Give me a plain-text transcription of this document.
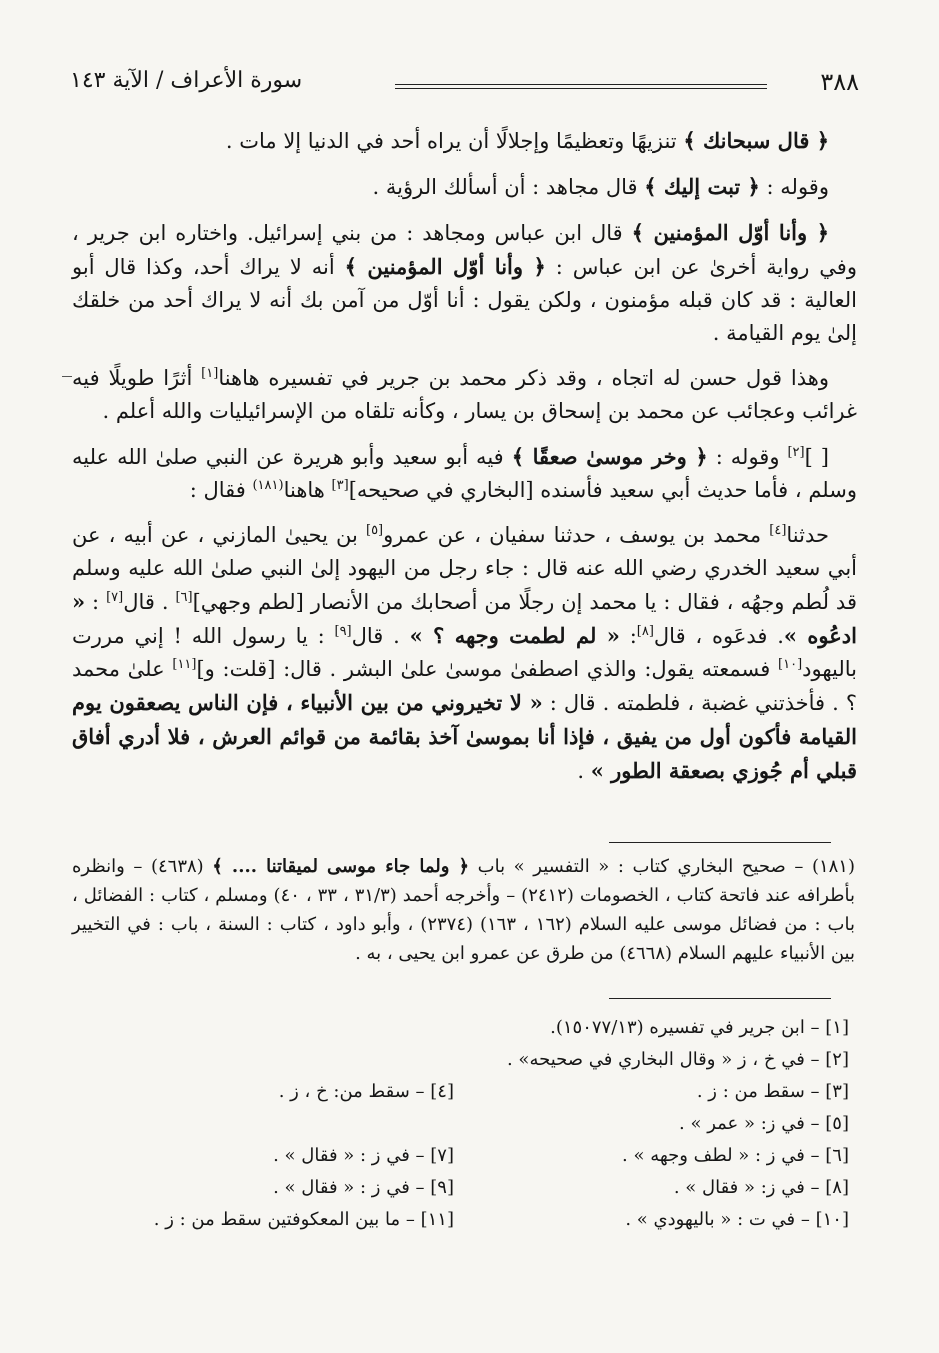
٣٨٨
سورة الأعراف / الآية ١٤٣

﴿ قال سبحانك ﴾ تنزيهًا وتعظيمًا وإجلالًا أن يراه أحد في الدنيا إلا مات .

وقوله : ﴿ تبت إليك ﴾ قال مجاهد : أن أسألك الرؤية .

﴿ وأنا أوّل المؤمنين ﴾ قال ابن عباس ومجاهد : من بني إسرائيل. واختاره ابن جرير ، وفي رواية أخرىٰ عن ابن عباس : ﴿ وأنا أوّل المؤمنين ﴾ أنه لا يراك أحد، وكذا قال أبو العالية : قد كان قبله مؤمنون ، ولكن يقول : أنا أوّل من آمن بك أنه لا يراك أحد من خلقك إلىٰ يوم القيامة .

وهذا قول حسن له اتجاه ، وقد ذكر محمد بن جرير في تفسيره هاهنا[١] أثرًا طويلًا فيه غرائب وعجائب عن محمد بن إسحاق بن يسار ، وكأنه تلقاه من الإسرائيليات والله أعلم .

[ ][٢] وقوله : ﴿ وخر موسىٰ صعقًا ﴾ فيه أبو سعيد وأبو هريرة عن النبي صلىٰ الله عليه وسلم ، فأما حديث أبي سعيد فأسنده [البخاري في صحيحه][٣] هاهنا$^{(١٨١)}$ فقال :

حدثنا[٤] محمد بن يوسف ، حدثنا سفيان ، عن عمرو[٥] بن يحيىٰ المازني ، عن أبيه ، عن أبي سعيد الخدري رضي الله عنه قال : جاء رجل من اليهود إلىٰ النبي صلىٰ الله عليه وسلم قد لُطم وجهُه ، فقال : يا محمد إن رجلًا من أصحابك من الأنصار [لطم وجهي][٦] . قال[٧] : « ادعُوه ». فدعَوه ، قال[٨]: « لم لطمت وجهه ؟ » . قال[٩] : يا رسول الله ! إني مررت باليهود[١٠] فسمعته يقول: والذي اصطفىٰ موسىٰ علىٰ البشر . قال: [قلت: و][١١] علىٰ محمد ؟ . فأخذتني غضبة ، فلطمته . قال : « لا تخيروني من بين الأنبياء ، فإن الناس يصعقون يوم القيامة فأكون أول من يفيق ، فإذا أنا بموسىٰ آخذ بقائمة من قوائم العرش ، فلا أدري أفاق قبلي أم جُوزي بصعقة الطور » .

(١٨١) – صحيح البخاري كتاب : « التفسير » باب ﴿ ولما جاء موسى لميقاتنا .... ﴾ (٤٦٣٨) – وانظره بأطرافه عند فاتحة كتاب ، الخصومات (٢٤١٢) – وأخرجه أحمد (٣١/٣ ، ٣٣ ، ٤٠) ومسلم ، كتاب : الفضائل ، باب : من فضائل موسى عليه السلام (١٦٢ ، ١٦٣) (٢٣٧٤) ، وأبو داود ، كتاب : السنة ، باب : في التخيير بين الأنبياء عليهم السلام (٤٦٦٨) من طرق عن عمرو ابن يحيى ، به .

[١] – ابن جرير في تفسيره (١٥٠٧٧/١٣).
[٢] – في خ ، ز « وقال البخاري في صحيحه» .
[٣] – سقط من : ز .
[٤] – سقط من: خ ، ز .
[٥] – في ز: « عمر » .
[٦] – في ز : « لطف وجهه » .
[٧] – في ز : « فقال » .
[٨] – في ز: « فقال » .
[٩] – في ز : « فقال » .
[١٠] – في ت : « باليهودي » .
[١١] – ما بين المعكوفتين سقط من : ز .
